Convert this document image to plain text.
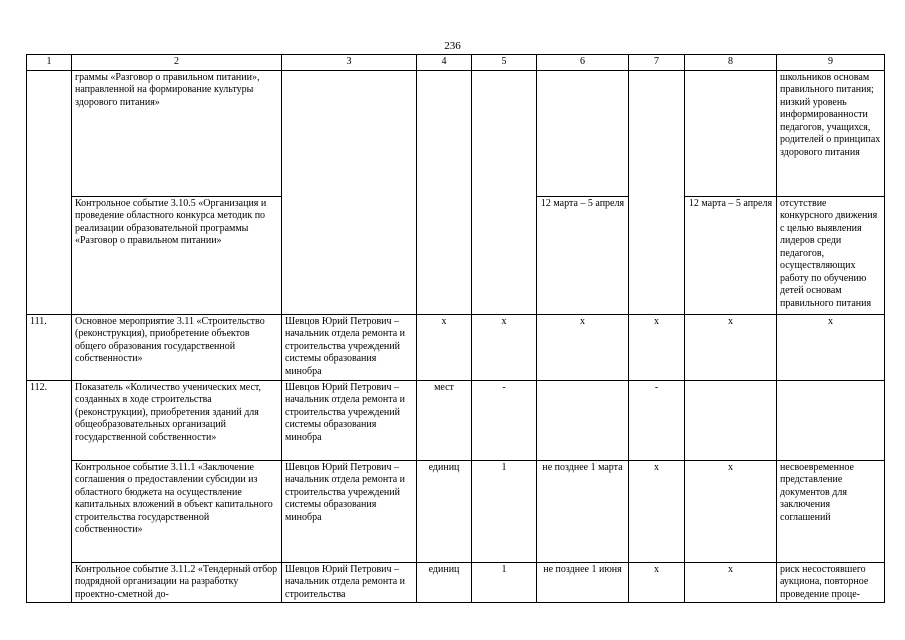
236
1	2	3	4	5	6	7	8	9
	граммы «Разговор о правильном питании», направленной на формирование культуры здорового питания»							школьников основам правильного питания; низкий уровень информированности педагогов, учащихся, родителей о принципах здорового питания
	Контрольное событие 3.10.5 «Организация и проведение областного конкурса методик по реализации образовательной программы «Разговор о правильном питании»				12 марта – 5 апреля		12 марта – 5 апреля	отсутствие конкурсного движения с целью выявления лидеров среди педагогов, осуществляющих работу по обучению детей основам правильного питания
111.	Основное мероприятие 3.11 «Строительство (реконструкция), приобретение объектов общего образования государственной собственности»	Шевцов Юрий Петрович – начальник отдела ремонта и строительства учреждений системы образования минобра	x	x	x	x	x	x
112.	Показатель «Количество ученических мест, созданных в ходе строительства (реконструкции), приобретения зданий для общеобразовательных организаций государственной собственности»	Шевцов Юрий Петрович – начальник отдела ремонта и строительства учреждений системы образования минобра	мест	-		-		
	Контрольное событие 3.11.1 «Заключение соглашения о предоставлении субсидии из областного бюджета на осуществление капитальных вложений в объект капитального строительства государственной собственности»	Шевцов Юрий Петрович – начальник отдела ремонта и строительства учреждений системы образования минобра	единиц	1	не позднее 1 марта	x	x	несвоевременное представление документов для заключения соглашений
	Контрольное событие 3.11.2 «Тендерный отбор подрядной организации на разработку проектно-сметной до-	Шевцов Юрий Петрович – начальник отдела ремонта и строительства	единиц	1	не позднее 1 июня	x	x	риск несостоявшего аукциона, повторное проведение проце-
